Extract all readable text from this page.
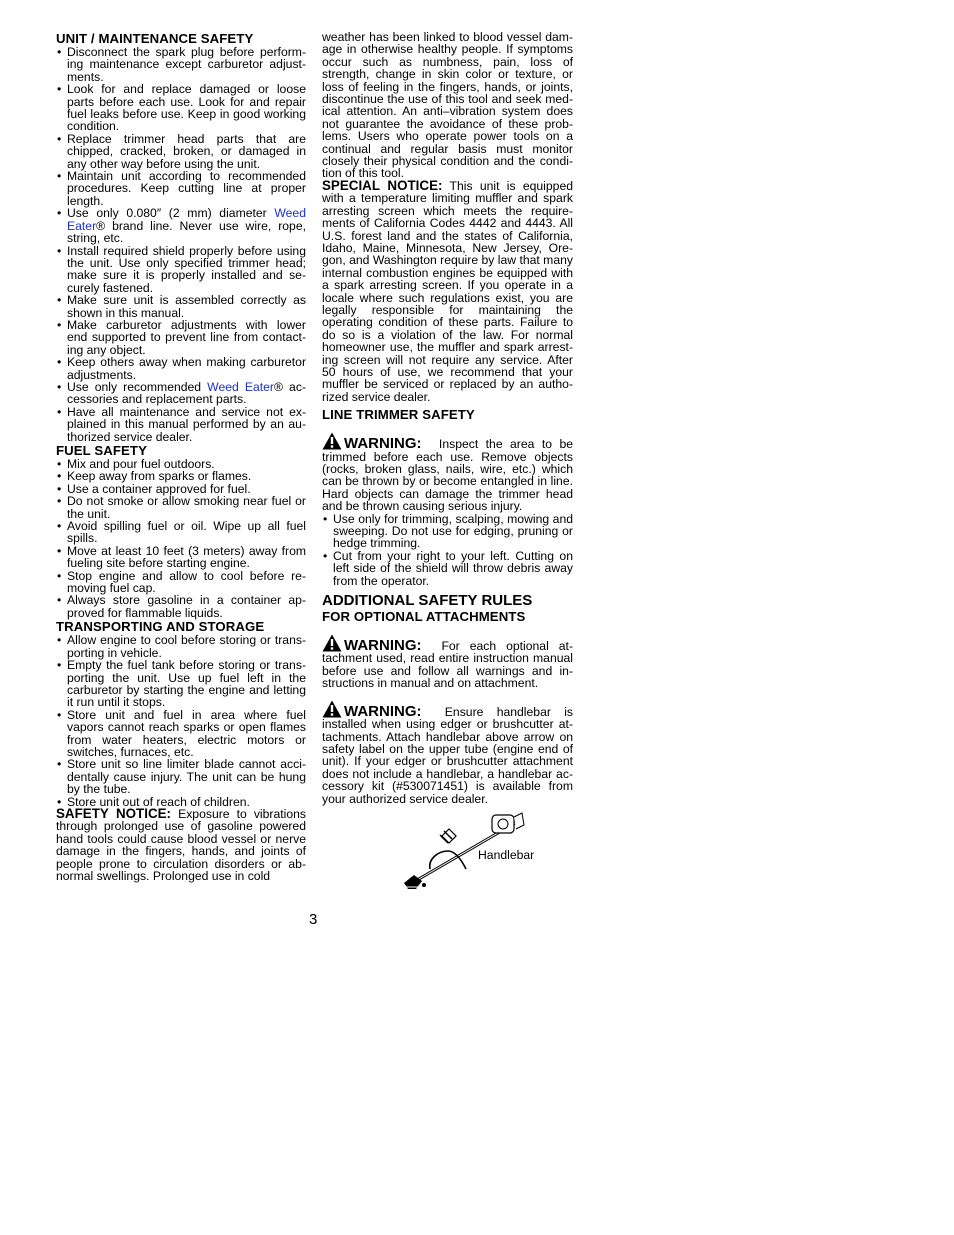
UNIT / MAINTENANCE SAFETY
• Disconnect the spark plug before performing maintenance except carburetor adjustments.
• Look for and replace damaged or loose parts before each use. Look for and repair fuel leaks before use. Keep in good working condition.
• Replace trimmer head parts that are chipped, cracked, broken, or damaged in any other way before using the unit.
• Maintain unit according to recommended procedures. Keep cutting line at proper length.
• Use only 0.080″ (2 mm) diameter Weed Eater® brand line. Never use wire, rope, string, etc.
• Install required shield properly before using the unit. Use only specified trimmer head; make sure it is properly installed and securely fastened.
• Make sure unit is assembled correctly as shown in this manual.
• Make carburetor adjustments with lower end supported to prevent line from contacting any object.
• Keep others away when making carburetor adjustments.
• Use only recommended Weed Eater® accessories and replacement parts.
• Have all maintenance and service not explained in this manual performed by an authorized service dealer.
FUEL SAFETY
• Mix and pour fuel outdoors.
• Keep away from sparks or flames.
• Use a container approved for fuel.
• Do not smoke or allow smoking near fuel or the unit.
• Avoid spilling fuel or oil. Wipe up all fuel spills.
• Move at least 10 feet (3 meters) away from fueling site before starting engine.
• Stop engine and allow to cool before removing fuel cap.
• Always store gasoline in a container approved for flammable liquids.
TRANSPORTING AND STORAGE
• Allow engine to cool before storing or transporting in vehicle.
• Empty the fuel tank before storing or transporting the unit. Use up fuel left in the carburetor by starting the engine and letting it run until it stops.
• Store unit and fuel in area where fuel vapors cannot reach sparks or open flames from water heaters, electric motors or switches, furnaces, etc.
• Store unit so line limiter blade cannot accidentally cause injury. The unit can be hung by the tube.
• Store unit out of reach of children.

SAFETY NOTICE: Exposure to vibrations through prolonged use of gasoline powered hand tools could cause blood vessel or nerve damage in the fingers, hands, and joints of people prone to circulation disorders or abnormal swellings. Prolonged use in cold

weather has been linked to blood vessel damage in otherwise healthy people. If symptoms occur such as numbness, pain, loss of strength, change in skin color or texture, or loss of feeling in the fingers, hands, or joints, discontinue the use of this tool and seek medical attention. An anti–vibration system does not guarantee the avoidance of these problems. Users who operate power tools on a continual and regular basis must monitor closely their physical condition and the condition of this tool.

SPECIAL NOTICE: This unit is equipped with a temperature limiting muffler and spark arresting screen which meets the requirements of California Codes 4442 and 4443. All U.S. forest land and the states of California, Idaho, Maine, Minnesota, New Jersey, Oregon, and Washington require by law that many internal combustion engines be equipped with a spark arresting screen. If you operate in a locale where such regulations exist, you are legally responsible for maintaining the operating condition of these parts. Failure to do so is a violation of the law. For normal homeowner use, the muffler and spark arresting screen will not require any service. After 50 hours of use, we recommend that your muffler be serviced or replaced by an authorized service dealer.

LINE TRIMMER SAFETY

WARNING: Inspect the area to be trimmed before each use. Remove objects (rocks, broken glass, nails, wire, etc.) which can be thrown by or become entangled in line. Hard objects can damage the trimmer head and be thrown causing serious injury.

• Use only for trimming, scalping, mowing and sweeping. Do not use for edging, pruning or hedge trimming.
• Cut from your right to your left. Cutting on left side of the shield will throw debris away from the operator.
ADDITIONAL SAFETY RULES
FOR OPTIONAL ATTACHMENTS

WARNING: For each optional attachment used, read entire instruction manual before use and follow all warnings and instructions in manual and on attachment.

WARNING: Ensure handlebar is installed when using edger or brushcutter attachments. Attach handlebar above arrow on safety label on the upper tube (engine end of unit). If your edger or brushcutter attachment does not include a handlebar, a handlebar accessory kit (#530071451) is available from your authorized service dealer.

Handlebar
3
